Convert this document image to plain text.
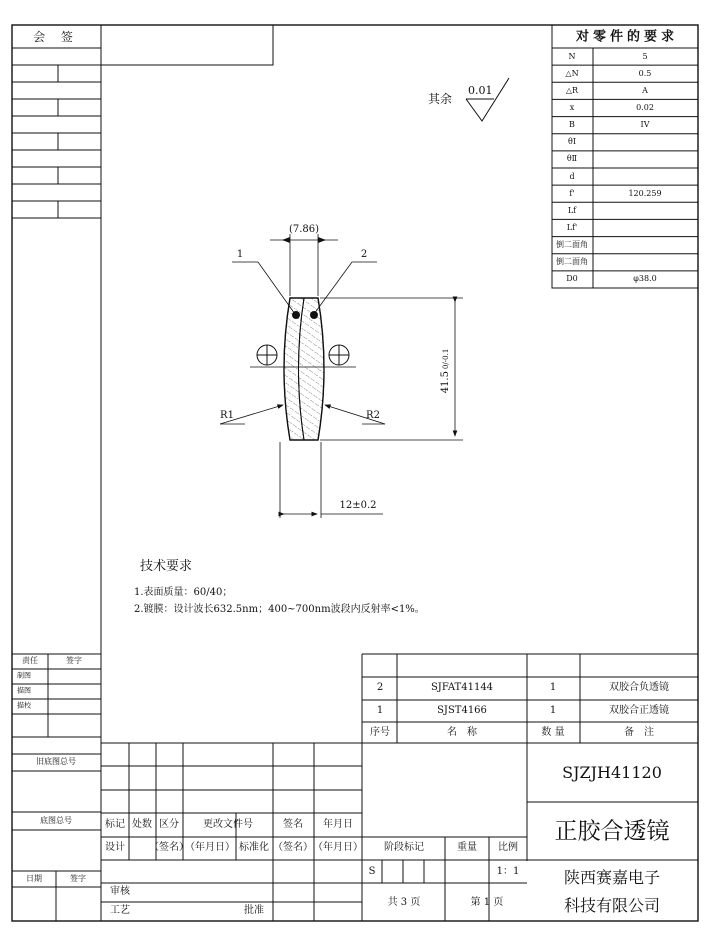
会 签	对零件的要求
N	5
△N	0.5
△R	A
x	0.02
B	IV
θⅠ
θⅡ
d
f'	120.259
Lf
Lf'
倒二面角
倒二面角
D0	φ38.0
其余
0.01
(7.86)
1	2
R1	R2
41.50/-0.1
12±0.2
技术要求
1.表面质量：60/40；
2.镀膜：设计波长632.5nm；400~700nm波段内反射率<1%。
责任	签字
制图
描图
描校
旧底图总号
底图总号
日期	签字
2	SJFAT41144	1	双胶合负透镜
1	SJST4166	1	双胶合正透镜
序号	名　称	数 量	备　注
SJZJH41120
正胶合透镜
陕西赛嘉电子
科技有限公司
阶段标记	重量 比例
S	1：1
共 3 页	第 1 页
标记 处数 区分 更改文件号	签名 年月日
设计 （签名）
（年月日） 标准化 （签名） （年月日）
审核
工艺	批准
